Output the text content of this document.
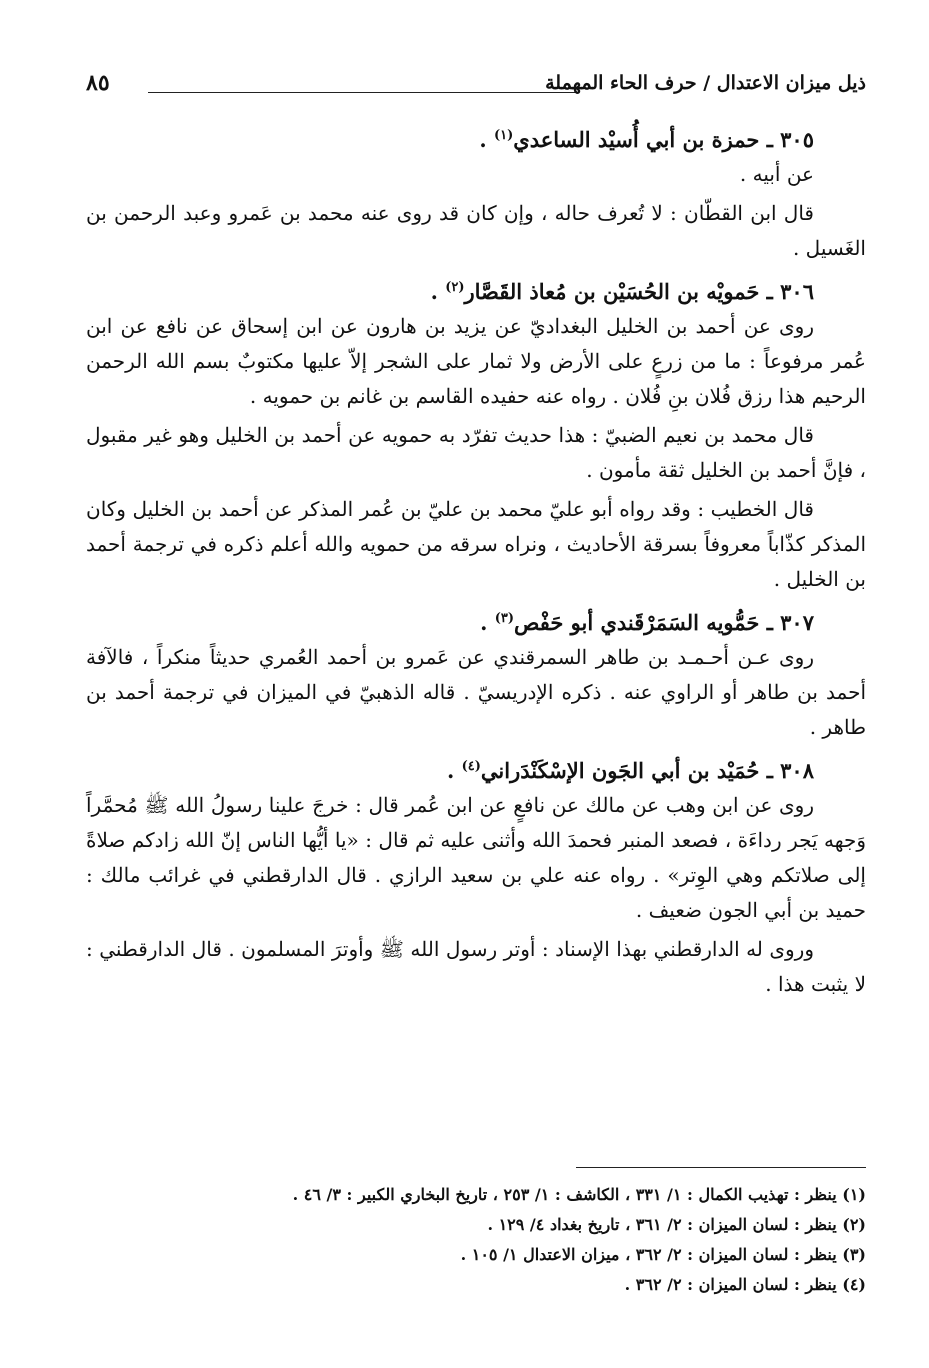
٨٥	ذيل ميزان الاعتدال / حرف الحاء المهملة

٣٠٥ ـ حمزة بن أبي أُسيْد الساعدي$^{(١)}$ .

عن أبيه .

قال ابن القطّان : لا تُعرف حاله ، وإن كان قد روى عنه محمد بن عَمرو وعبد الرحمن بن الغَسيل .

٣٠٦ ـ حَمويْه بن الحُسَيْن بن مُعاذ القَصَّار$^{(٢)}$ .

روى عن أحمد بن الخليل البغداديّ عن يزيد بن هارون عن ابن إسحاق عن نافع عن ابن عُمر مرفوعاً : ما من زرعٍ على الأرض ولا ثمار على الشجر إلاّ عليها مكتوبٌ بسم الله الرحمن الرحيم هذا رزق فُلان بنِ فُلان . رواه عنه حفيده القاسم بن غانم بن حمويه .

قال محمد بن نعيم الضبيّ : هذا حديث تفرّد به حمويه عن أحمد بن الخليل وهو غير مقبول ، فإنَّ أحمد بن الخليل ثقة مأمون .

قال الخطيب : وقد رواه أبو عليّ محمد بن عليّ بن عُمر المذكر عن أحمد بن الخليل وكان المذكر كذّاباً معروفاً بسرقة الأحاديث ، ونراه سرقه من حمويه والله أعلم ذكره في ترجمة أحمد بن الخليل .

٣٠٧ ـ حَمُّويه السَمَرْقَندي أبو حَفْص$^{(٣)}$ .

روى عـن أحـمـد بن طاهر السمرقندي عن عَمرو بن أحمد العُمري حديثاً منكراً ، فالآفة أحمد بن طاهر أو الراوي عنه . ذكره الإدريسيّ . قاله الذهبيّ في الميزان في ترجمة أحمد بن طاهر .

٣٠٨ ـ حُمَيْد بن أبي الجَون الإسْكَنْدَراني$^{(٤)}$ .

روى عن ابن وهب عن مالك عن نافعٍ عن ابن عُمر قال : خرجَ علينا رسولُ الله ﷺ مُحمَّراً وَجهه يَجر رداءَة ، فصعد المنبر فحمدَ الله وأثنى عليه ثم قال : «يا أيُّها الناس إنّ الله زادكم صلاةً إلى صلاتكم وهي الوِتر» . رواه عنه علي بن سعيد الرازي . قال الدارقطني في غرائب مالك : حميد بن أبي الجون ضعيف .

وروى له الدارقطني بهذا الإسناد : أوتر رسول الله ﷺ وأوترَ المسلمون . قال الدارقطني : لا يثبت هذا .

(١) ينظر : تهذيب الكمال : ١/ ٣٣١ ، الكاشف : ١/ ٢٥٣ ، تاريخ البخاري الكبير : ٣/ ٤٦ .

(٢) ينظر : لسان الميزان : ٢/ ٣٦١ ، تاريخ بغداد ٤/ ١٢٩ .

(٣) ينظر : لسان الميزان : ٢/ ٣٦٢ ، ميزان الاعتدال ١/ ١٠٥ .

(٤) ينظر : لسان الميزان : ٢/ ٣٦٢ .
